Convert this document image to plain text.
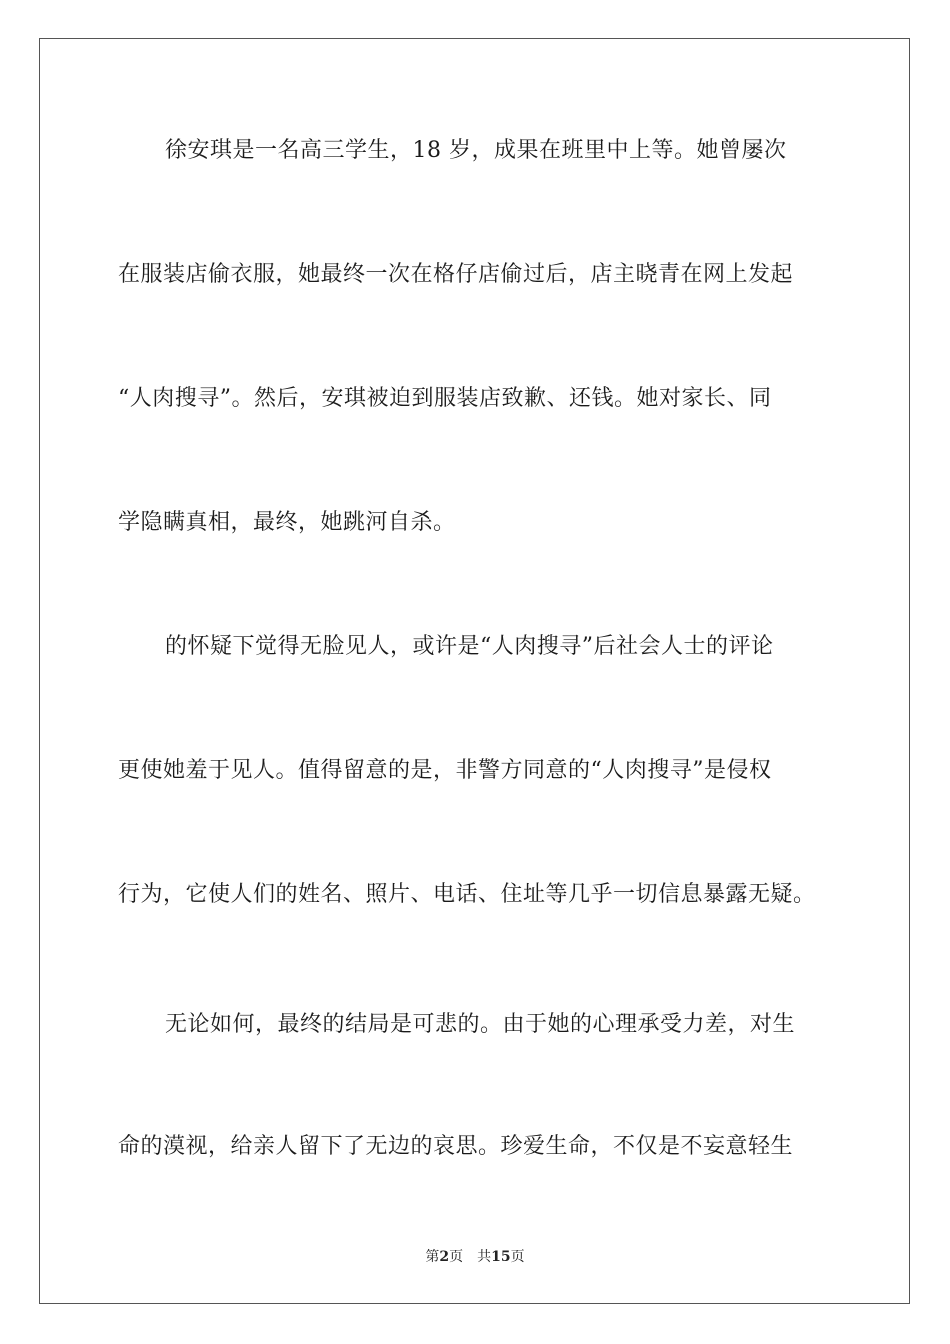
徐安琪是一名高三学生，18 岁，成果在班里中上等。她曾屡次
在服装店偷衣服，她最终一次在格仔店偷过后，店主晓青在网上发起
“人肉搜寻”。然后，安琪被迫到服装店致歉、还钱。她对家长、同
学隐瞒真相，最终，她跳河自杀。
的怀疑下觉得无脸见人，或许是“人肉搜寻”后社会人士的评论
更使她羞于见人。值得留意的是，非警方同意的“人肉搜寻”是侵权
行为，它使人们的姓名、照片、电话、住址等几乎一切信息暴露无疑。
无论如何，最终的结局是可悲的。由于她的心理承受力差，对生
命的漠视，给亲人留下了无边的哀思。珍爱生命，不仅是不妄意轻生
第2页 共15页
